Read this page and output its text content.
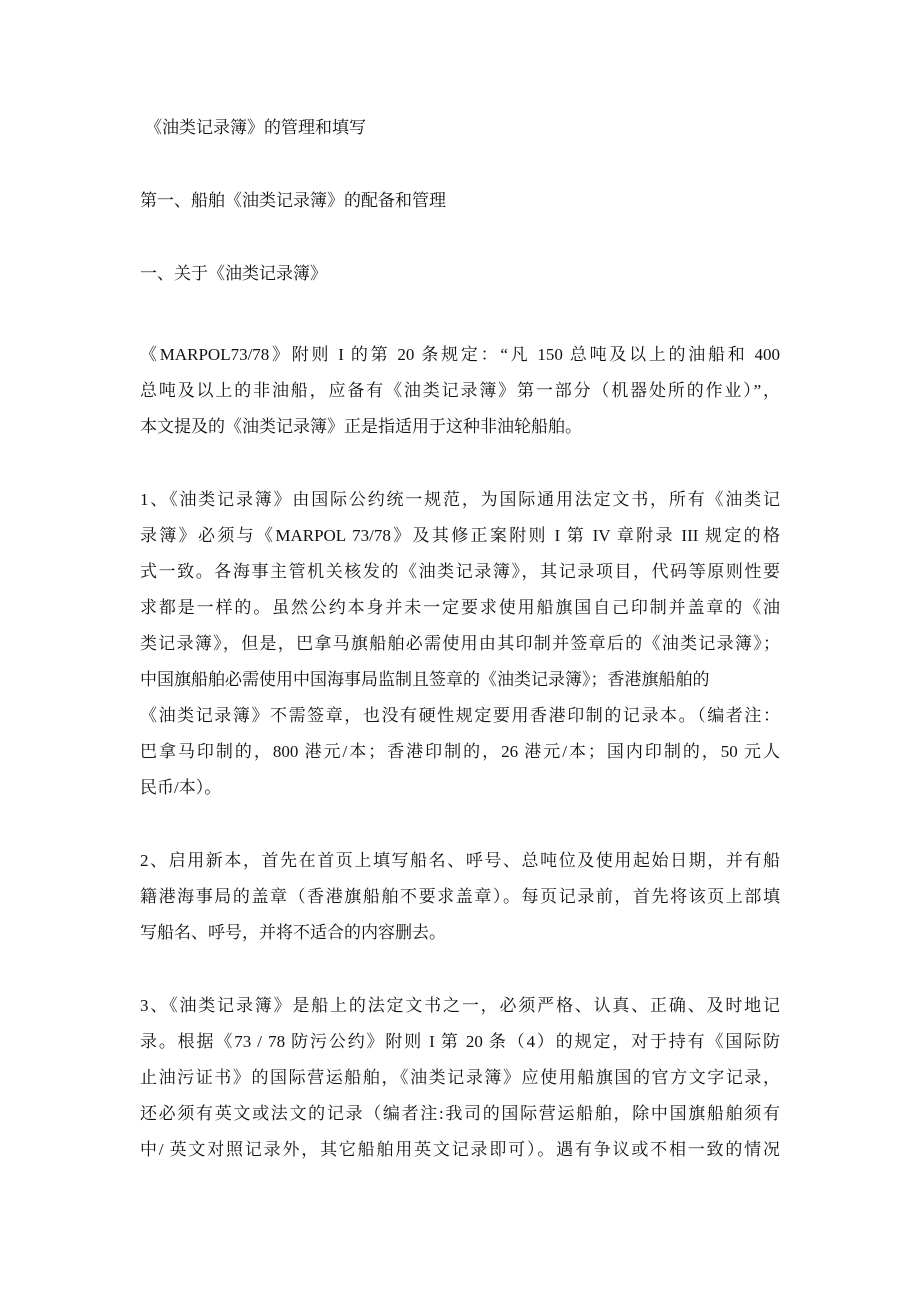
《油类记录簿》的管理和填写
第一、船舶《油类记录簿》的配备和管理
一、关于《油类记录簿》
《MARPOL73/78》附则 I 的第 20 条规定：“凡 150 总吨及以上的油船和 400
总吨及以上的非油船，应备有《油类记录簿》第一部分（机器处所的作业）”，
本文提及的《油类记录簿》正是指适用于这种非油轮船舶。
1、《油类记录簿》由国际公约统一规范，为国际通用法定文书，所有《油类记
录簿》必须与《MARPOL 73/78》及其修正案附则 I 第 IV 章附录 III 规定的格
式一致。各海事主管机关核发的《油类记录簿》，其记录项目，代码等原则性要
求都是一样的。虽然公约本身并未一定要求使用船旗国自己印制并盖章的《油
类记录簿》，但是，巴拿马旗船舶必需使用由其印制并签章后的《油类记录簿》；
中国旗船舶必需使用中国海事局监制且签章的《油类记录簿》；香港旗船舶的
《油类记录簿》不需签章，也没有硬性规定要用香港印制的记录本。（编者注：
巴拿马印制的，800 港元/本；香港印制的，26 港元/本；国内印制的，50 元人
民币/本）。
2、启用新本，首先在首页上填写船名、呼号、总吨位及使用起始日期，并有船
籍港海事局的盖章（香港旗船舶不要求盖章）。每页记录前，首先将该页上部填
写船名、呼号，并将不适合的内容删去。
3、《油类记录簿》是船上的法定文书之一，必须严格、认真、正确、及时地记
录。根据《73 / 78 防污公约》附则 I 第 20 条（4）的规定，对于持有《国际防
止油污证书》的国际营运船舶，《油类记录簿》应使用船旗国的官方文字记录，
还必须有英文或法文的记录（编者注:我司的国际营运船舶，除中国旗船舶须有
中/ 英文对照记录外，其它船舶用英文记录即可）。遇有争议或不相一致的情况
